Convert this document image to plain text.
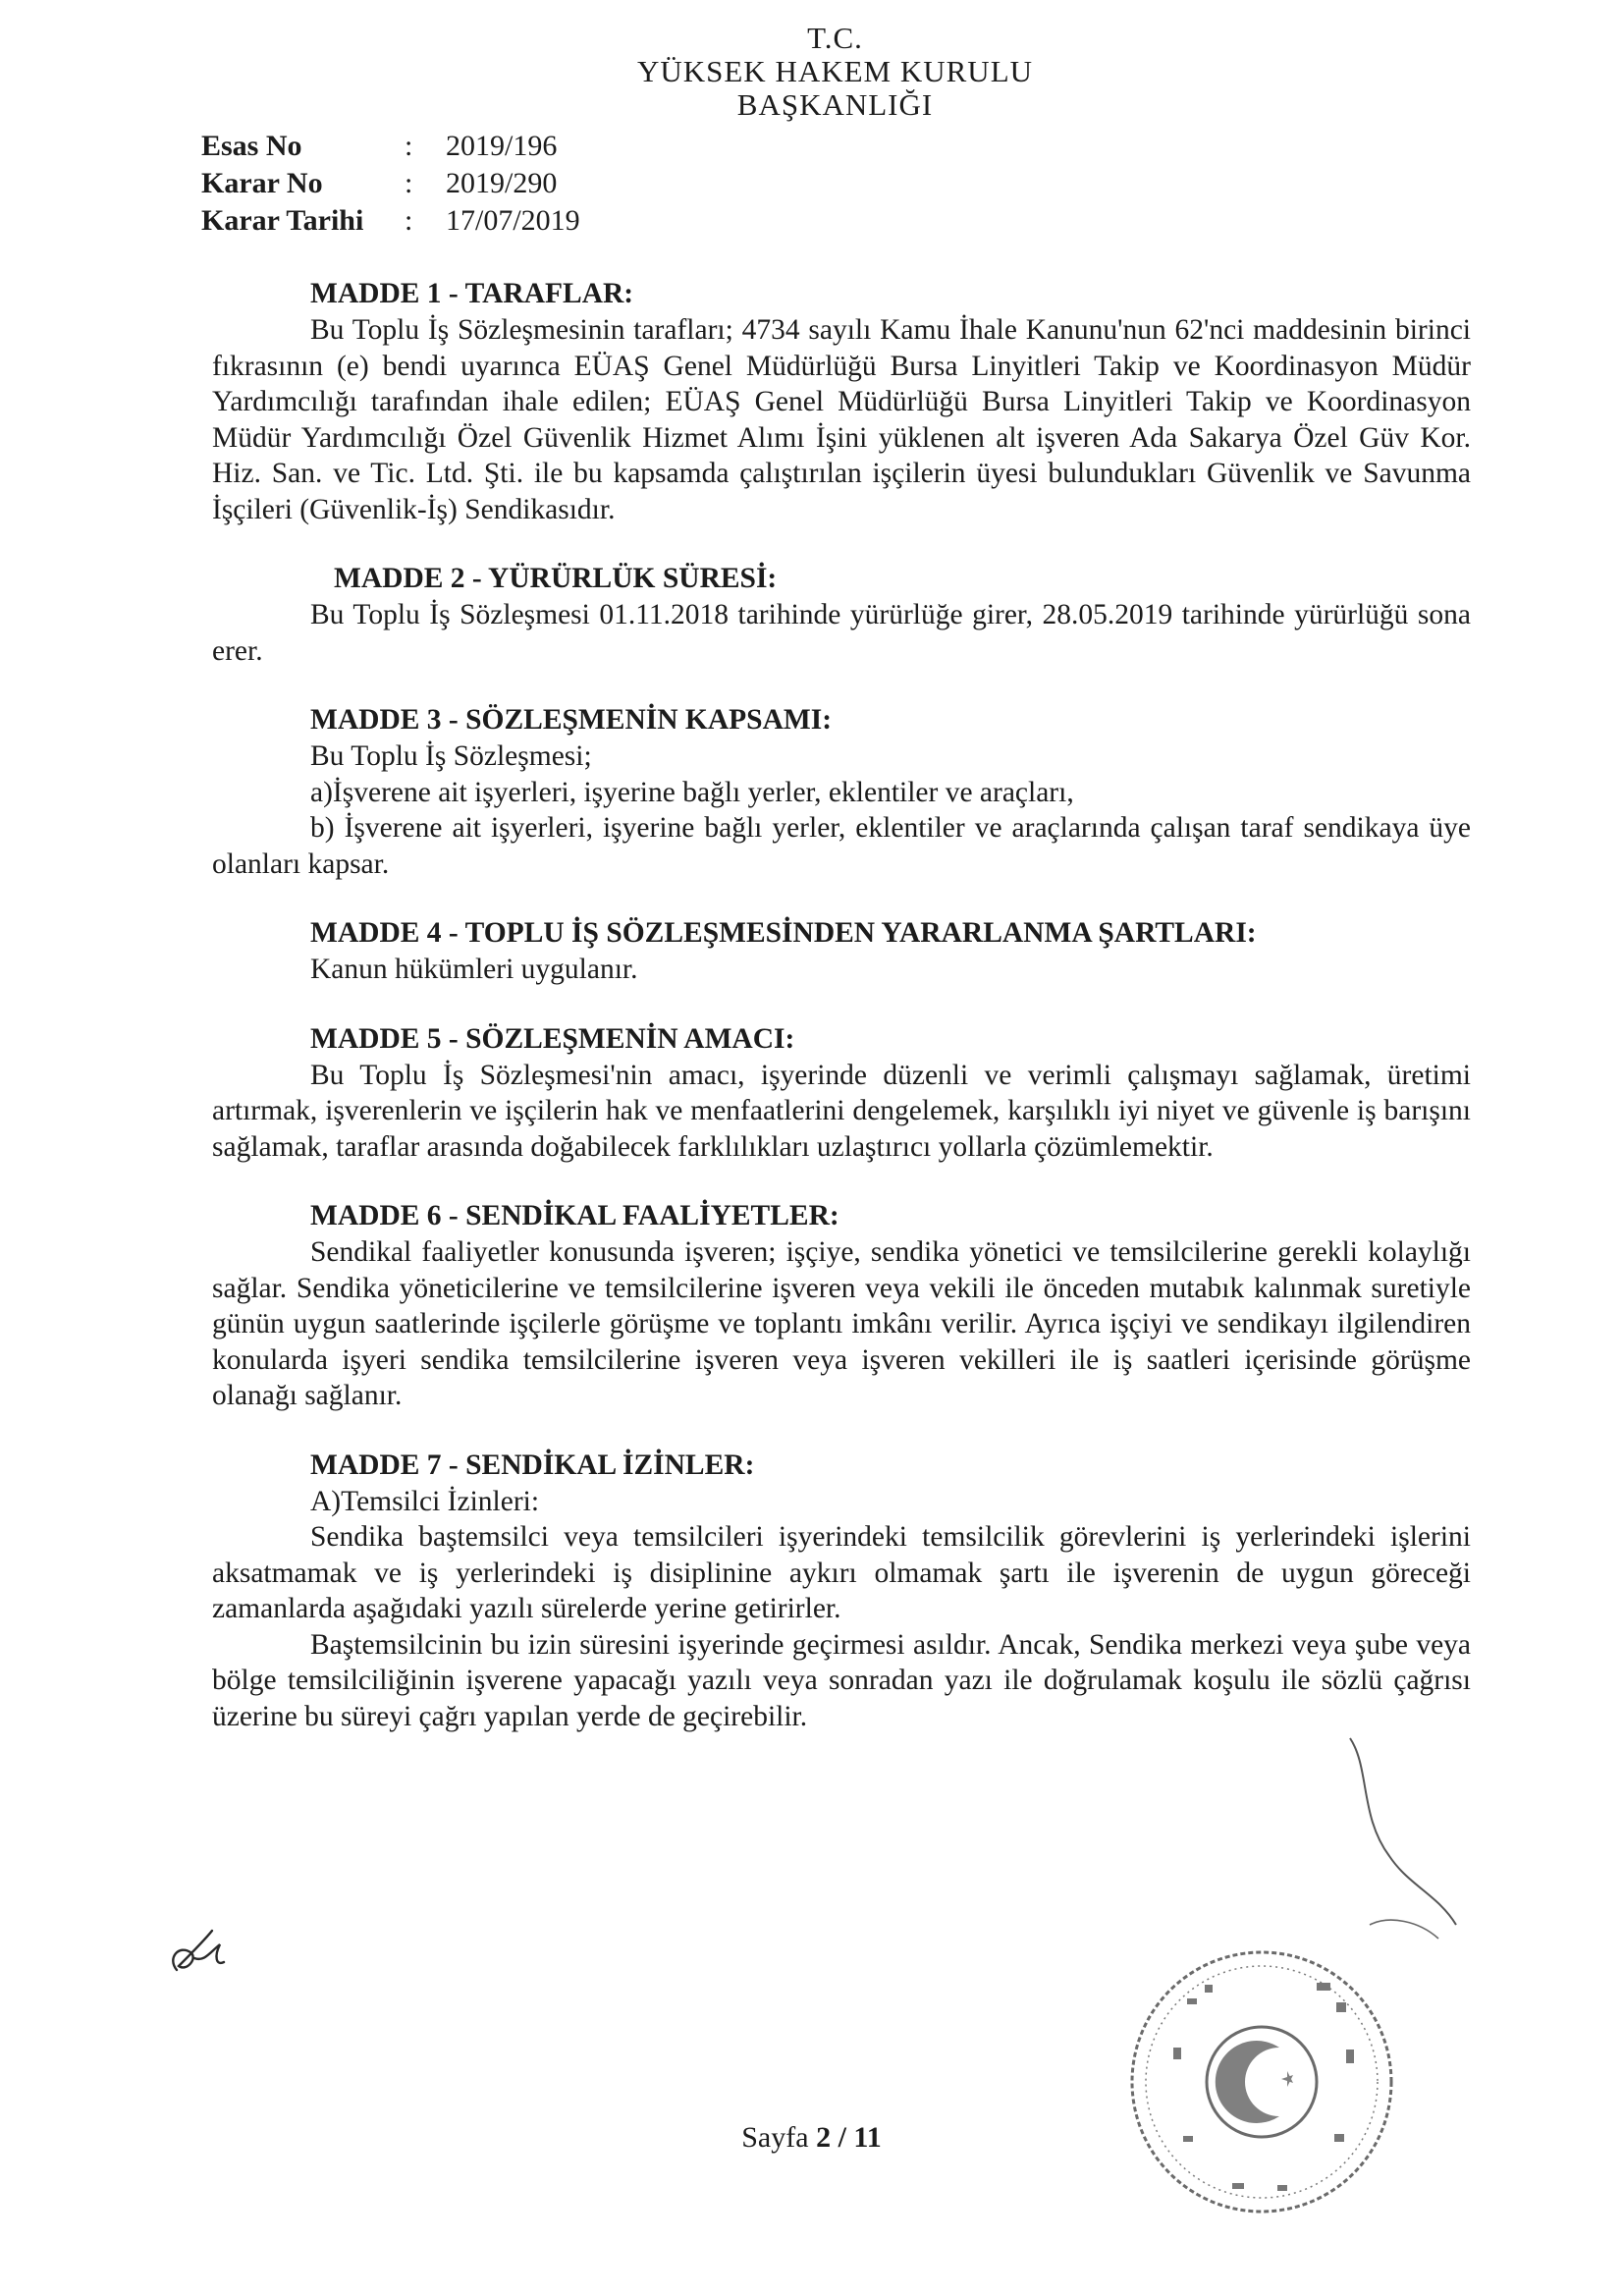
T.C.
YÜKSEK HAKEM KURULU
BAŞKANLIĞI
Esas No	:	2019/196
Karar No	:	2019/290
Karar Tarihi	:	17/07/2019
MADDE 1 - TARAFLAR:

Bu Toplu İş Sözleşmesinin tarafları; 4734 sayılı Kamu İhale Kanunu'nun 62'nci maddesinin birinci fıkrasının (e) bendi uyarınca EÜAŞ Genel Müdürlüğü Bursa Linyitleri Takip ve Koordinasyon Müdür Yardımcılığı tarafından ihale edilen; EÜAŞ Genel Müdürlüğü Bursa Linyitleri Takip ve Koordinasyon Müdür Yardımcılığı Özel Güvenlik Hizmet Alımı İşini yüklenen alt işveren Ada Sakarya Özel Güv Kor. Hiz. San. ve Tic. Ltd. Şti. ile bu kapsamda çalıştırılan işçilerin üyesi bulundukları Güvenlik ve Savunma İşçileri (Güvenlik-İş) Sendikasıdır.

MADDE 2 - YÜRÜRLÜK SÜRESİ:

Bu Toplu İş Sözleşmesi 01.11.2018 tarihinde yürürlüğe girer, 28.05.2019 tarihinde yürürlüğü sona erer.

MADDE 3 - SÖZLEŞMENİN KAPSAMI:

Bu Toplu İş Sözleşmesi;

a)İşverene ait işyerleri, işyerine bağlı yerler, eklentiler ve araçları,

b) İşverene ait işyerleri, işyerine bağlı yerler, eklentiler ve araçlarında çalışan taraf sendikaya üye olanları kapsar.

MADDE 4 - TOPLU İŞ SÖZLEŞMESİNDEN YARARLANMA ŞARTLARI:

Kanun hükümleri uygulanır.

MADDE 5 - SÖZLEŞMENİN AMACI:

Bu Toplu İş Sözleşmesi'nin amacı, işyerinde düzenli ve verimli çalışmayı sağlamak, üretimi artırmak, işverenlerin ve işçilerin hak ve menfaatlerini dengelemek, karşılıklı iyi niyet ve güvenle iş barışını sağlamak, taraflar arasında doğabilecek farklılıkları uzlaştırıcı yollarla çözümlemektir.

MADDE 6 - SENDİKAL FAALİYETLER:

Sendikal faaliyetler konusunda işveren; işçiye, sendika yönetici ve temsilcilerine gerekli kolaylığı sağlar. Sendika yöneticilerine ve temsilcilerine işveren veya vekili ile önceden mutabık kalınmak suretiyle günün uygun saatlerinde işçilerle görüşme ve toplantı imkânı verilir. Ayrıca işçiyi ve sendikayı ilgilendiren konularda işyeri sendika temsilcilerine işveren veya işveren vekilleri ile iş saatleri içerisinde görüşme olanağı sağlanır.

MADDE 7 - SENDİKAL İZİNLER:

A)Temsilci İzinleri:

Sendika baştemsilci veya temsilcileri işyerindeki temsilcilik görevlerini iş yerlerindeki işlerini aksatmamak ve iş yerlerindeki iş disiplinine aykırı olmamak şartı ile işverenin de uygun göreceği zamanlarda aşağıdaki yazılı sürelerde yerine getirirler.

Baştemsilcinin bu izin süresini işyerinde geçirmesi asıldır. Ancak, Sendika merkezi veya şube veya bölge temsilciliğinin işverene yapacağı yazılı veya sonradan yazı ile doğrulamak koşulu ile sözlü çağrısı üzerine bu süreyi çağrı yapılan yerde de geçirebilir.

Sayfa 2 / 11
